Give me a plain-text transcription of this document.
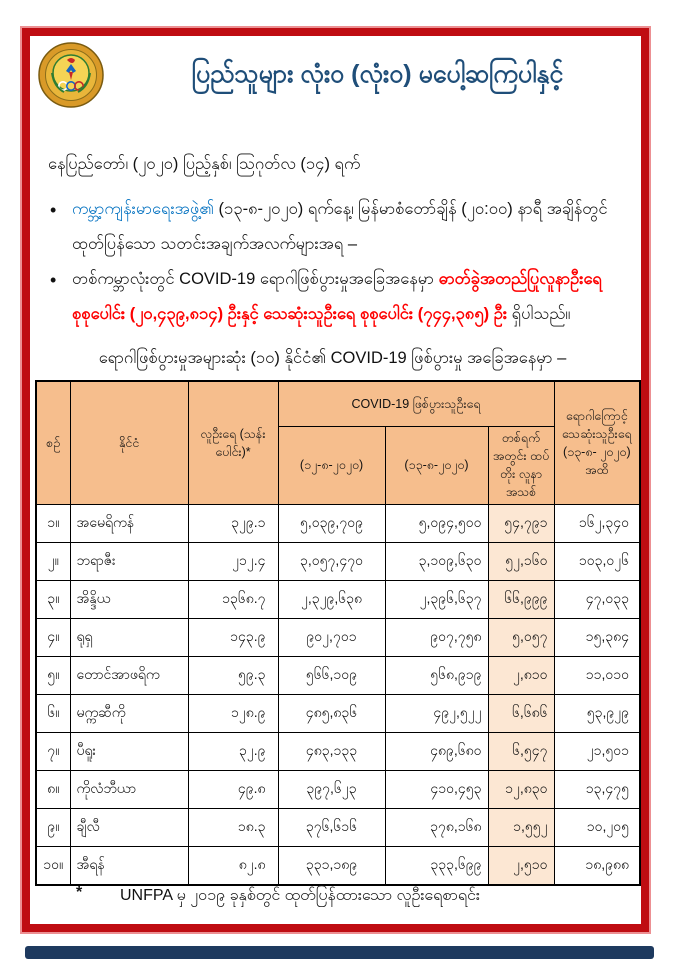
ပြည်သူများ လုံးဝ (လုံးဝ) မပေါ့ဆကြပါနှင့်
နေပြည်တော်၊ (၂၀၂၀) ပြည့်နှစ်၊ ဩဂုတ်လ (၁၄) ရက်
• ကမ္ဘာ့ကျန်းမာရေးအဖွဲ့၏ (၁၃-၈-၂၀၂၀) ရက်နေ့၊ မြန်မာစံတော်ချိန် (၂၀:၀၀) နာရီ အချိန်တွင် ထုတ်ပြန်သော သတင်းအချက်အလက်များအရ –
• တစ်ကမ္ဘာလုံးတွင် COVID-19 ရောဂါဖြစ်ပွားမှုအခြေအနေမှာ ဓာတ်ခွဲအတည်ပြုလူနာဦးရေ စုစုပေါင်း (၂၀,၄၃၉,၈၁၄) ဦးနှင့် သေဆုံးသူဦးရေ စုစုပေါင်း (၇၄၄,၃၈၅) ဦး ရှိပါသည်။
ရောဂါဖြစ်ပွားမှုအများဆုံး (၁၀) နိုင်ငံ၏ COVID-19 ဖြစ်ပွားမှု အခြေအနေမှာ –
စဉ်	နိုင်ငံ	လူဦးရေ (သန်းပေါင်း)*	COVID-19 ဖြစ်ပွားသူဦးရေ			ရောဂါကြောင့် သေဆုံးသူဦးရေ (၁၃-၈- ၂၀၂၀) အထိ
			(၁၂-၈-၂၀၂၀)	(၁၃-၈-၂၀၂၀)	တစ်ရက်အတွင်း ထပ်တိုး လူနာ အသစ်	
၁။	အမေရိကန်	၃၂၉.၁	၅,၀၃၉,၇၀၉	၅,၀၉၄,၅၀၀	၅၄,၇၉၁	၁၆၂,၃၄၀
၂။	ဘရာဇီး	၂၁၂.၄	၃,၀၅၇,၄၇၀	၃,၁၀၉,၆၃၀	၅၂,၁၆၀	၁၀၃,၀၂၆
၃။	အိန္ဒိယ	၁၃၆၈.၇	၂,၃၂၉,၆၃၈	၂,၃၉၆,၆၃၇	၆၆,၉၉၉	၄၇,၀၃၃
၄။	ရုရှ	၁၄၃.၉	၉၀၂,၇၀၁	၉၀၇,၇၅၈	၅,၀၅၇	၁၅,၃၈၄
၅။	တောင်အာဖရိက	၅၉.၃	၅၆၆,၁၀၉	၅၆၈,၉၁၉	၂,၈၁၀	၁၁,၀၁၀
၆။	မက္ကဆီကို	၁၂၈.၉	၄၈၅,၈၃၆	၄၉၂,၅၂၂	၆,၆၈၆	၅၃,၉၂၉
၇။	ပီရူး	၃၂.၉	၄၈၃,၁၃၃	၄၈၉,၆၈၀	၆,၅၄၇	၂၁,၅၀၁
၈။	ကိုလံဘီယာ	၄၉.၈	၃၉၇,၆၂၃	၄၁၀,၄၅၃	၁၂,၈၃၀	၁၃,၄၇၅
၉။	ချီလီ	၁၈.၃	၃၇၆,၆၁၆	၃၇၈,၁၆၈	၁,၅၅၂	၁၀,၂၀၅
၁၀။	အီရန်	၈၂.၈	၃၃၁,၁၈၉	၃၃၃,၆၉၉	၂,၅၁၀	၁၈,၉၈၈
*	UNFPA မှ ၂၀၁၉ ခုနှစ်တွင် ထုတ်ပြန်ထားသော လူဦးရေစာရင်း
